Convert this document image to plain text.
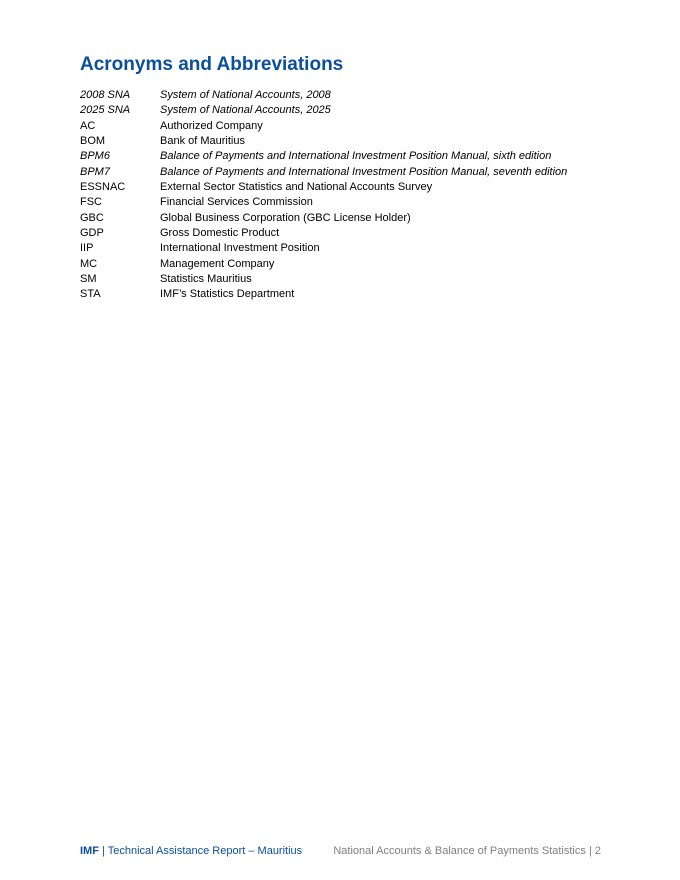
Acronyms and Abbreviations
2008 SNA	System of National Accounts, 2008
2025 SNA	System of National Accounts, 2025
AC	Authorized Company
BOM	Bank of Mauritius
BPM6	Balance of Payments and International Investment Position Manual, sixth edition
BPM7	Balance of Payments and International Investment Position Manual, seventh edition
ESSNAC	External Sector Statistics and National Accounts Survey
FSC	Financial Services Commission
GBC	Global Business Corporation (GBC License Holder)
GDP	Gross Domestic Product
IIP	International Investment Position
MC	Management Company
SM	Statistics Mauritius
STA	IMF’s Statistics Department
IMF | Technical Assistance Report – Mauritius	National Accounts & Balance of Payments Statistics | 2
